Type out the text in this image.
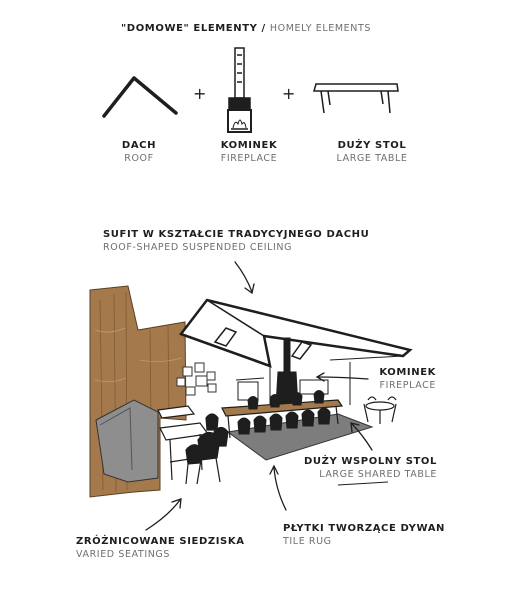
"DOMOWE" ELEMENTY / HOMELY ELEMENTS
+	+
DACH
ROOF
KOMINEK
FIREPLACE
DUŻY STOL
LARGE TABLE
SUFIT W KSZTAŁCIE TRADYCYJNEGO DACHU
ROOF-SHAPED SUSPENDED CEILING
KOMINEK
FIREPLACE
DUŻY WSPOLNY STOL
LARGE SHARED TABLE
PŁYTKI TWORZĄCE DYWAN
TILE RUG
ZRÓŻNICOWANE SIEDZISKA
VARIED SEATINGS
